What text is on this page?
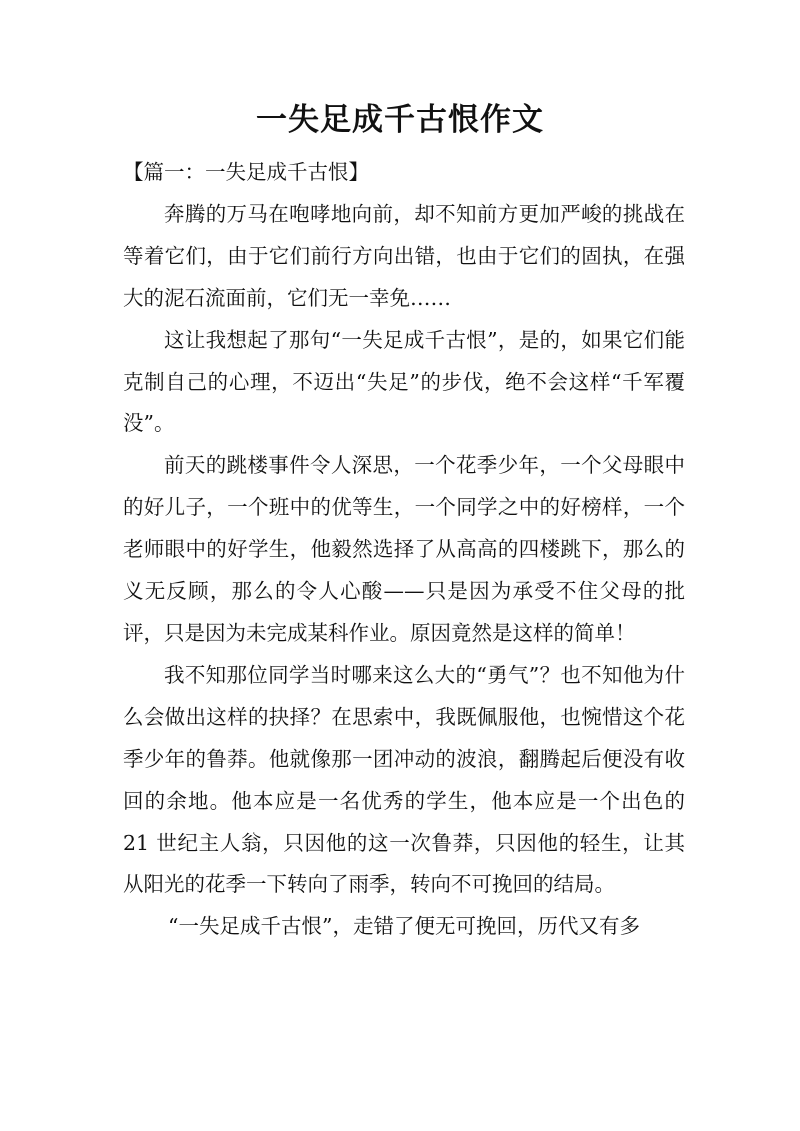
一失足成千古恨作文

【篇一：一失足成千古恨】

奔腾的万马在咆哮地向前，却不知前方更加严峻的挑战在等着它们，由于它们前行方向出错，也由于它们的固执，在强大的泥石流面前，它们无一幸免……

这让我想起了那句“一失足成千古恨”，是的，如果它们能克制自己的心理，不迈出“失足”的步伐，绝不会这样“千军覆没”。

前天的跳楼事件令人深思，一个花季少年，一个父母眼中的好儿子，一个班中的优等生，一个同学之中的好榜样，一个老师眼中的好学生，他毅然选择了从高高的四楼跳下，那么的义无反顾，那么的令人心酸——只是因为承受不住父母的批评，只是因为未完成某科作业。原因竟然是这样的简单！

我不知那位同学当时哪来这么大的“勇气”？也不知他为什么会做出这样的抉择？在思索中，我既佩服他，也惋惜这个花季少年的鲁莽。他就像那一团冲动的波浪，翻腾起后便没有收回的余地。他本应是一名优秀的学生，他本应是一个出色的 21 世纪主人翁，只因他的这一次鲁莽，只因他的轻生，让其从阳光的花季一下转向了雨季，转向不可挽回的结局。

“一失足成千古恨”，走错了便无可挽回，历代又有多
